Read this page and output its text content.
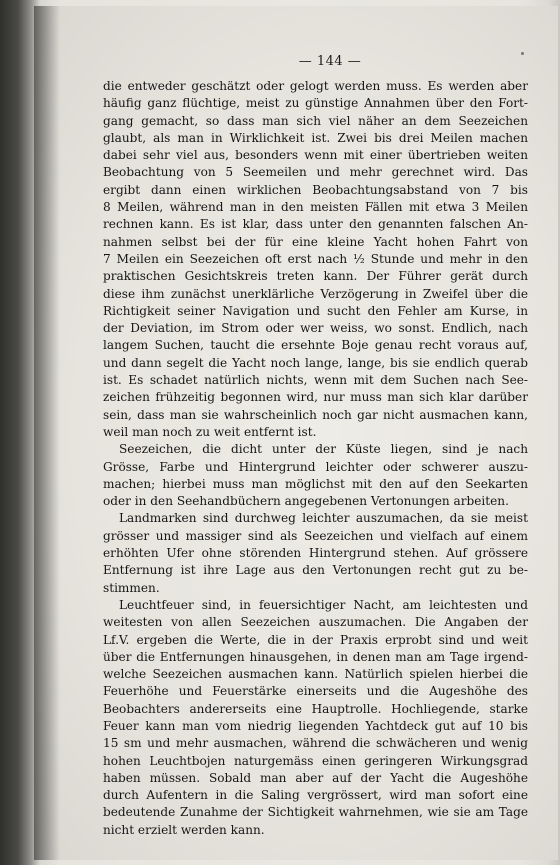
— 144 —
die entweder geschätzt oder gelogt werden muss. Es werden aber
häufig ganz flüchtige, meist zu günstige Annahmen über den Fort-
gang gemacht, so dass man sich viel näher an dem Seezeichen
glaubt, als man in Wirklichkeit ist. Zwei bis drei Meilen machen
dabei sehr viel aus, besonders wenn mit einer übertrieben weiten
Beobachtung von 5 Seemeilen und mehr gerechnet wird. Das
ergibt dann einen wirklichen Beobachtungsabstand von 7 bis
8 Meilen, während man in den meisten Fällen mit etwa 3 Meilen
rechnen kann. Es ist klar, dass unter den genannten falschen An-
nahmen selbst bei der für eine kleine Yacht hohen Fahrt von
7 Meilen ein Seezeichen oft erst nach ½ Stunde und mehr in den
praktischen Gesichtskreis treten kann. Der Führer gerät durch
diese ihm zunächst unerklärliche Verzögerung in Zweifel über die
Richtigkeit seiner Navigation und sucht den Fehler am Kurse, in
der Deviation, im Strom oder wer weiss, wo sonst. Endlich, nach
langem Suchen, taucht die ersehnte Boje genau recht voraus auf,
und dann segelt die Yacht noch lange, lange, bis sie endlich querab
ist. Es schadet natürlich nichts, wenn mit dem Suchen nach See-
zeichen frühzeitig begonnen wird, nur muss man sich klar darüber
sein, dass man sie wahrscheinlich noch gar nicht ausmachen kann,
weil man noch zu weit entfernt ist.
Seezeichen, die dicht unter der Küste liegen, sind je nach
Grösse, Farbe und Hintergrund leichter oder schwerer auszu-
machen; hierbei muss man möglichst mit den auf den Seekarten
oder in den Seehandbüchern angegebenen Vertonungen arbeiten.
Landmarken sind durchweg leichter auszumachen, da sie meist
grösser und massiger sind als Seezeichen und vielfach auf einem
erhöhten Ufer ohne störenden Hintergrund stehen. Auf grössere
Entfernung ist ihre Lage aus den Vertonungen recht gut zu be-
stimmen.
Leuchtfeuer sind, in feuersichtiger Nacht, am leichtesten und
weitesten von allen Seezeichen auszumachen. Die Angaben der
Lf.V. ergeben die Werte, die in der Praxis erprobt sind und weit
über die Entfernungen hinausgehen, in denen man am Tage irgend-
welche Seezeichen ausmachen kann. Natürlich spielen hierbei die
Feuerhöhe und Feuerstärke einerseits und die Augeshöhe des
Beobachters andererseits eine Hauptrolle. Hochliegende, starke
Feuer kann man vom niedrig liegenden Yachtdeck gut auf 10 bis
15 sm und mehr ausmachen, während die schwächeren und wenig
hohen Leuchtbojen naturgemäss einen geringeren Wirkungsgrad
haben müssen. Sobald man aber auf der Yacht die Augeshöhe
durch Aufentern in die Saling vergrössert, wird man sofort eine
bedeutende Zunahme der Sichtigkeit wahrnehmen, wie sie am Tage
nicht erzielt werden kann.
